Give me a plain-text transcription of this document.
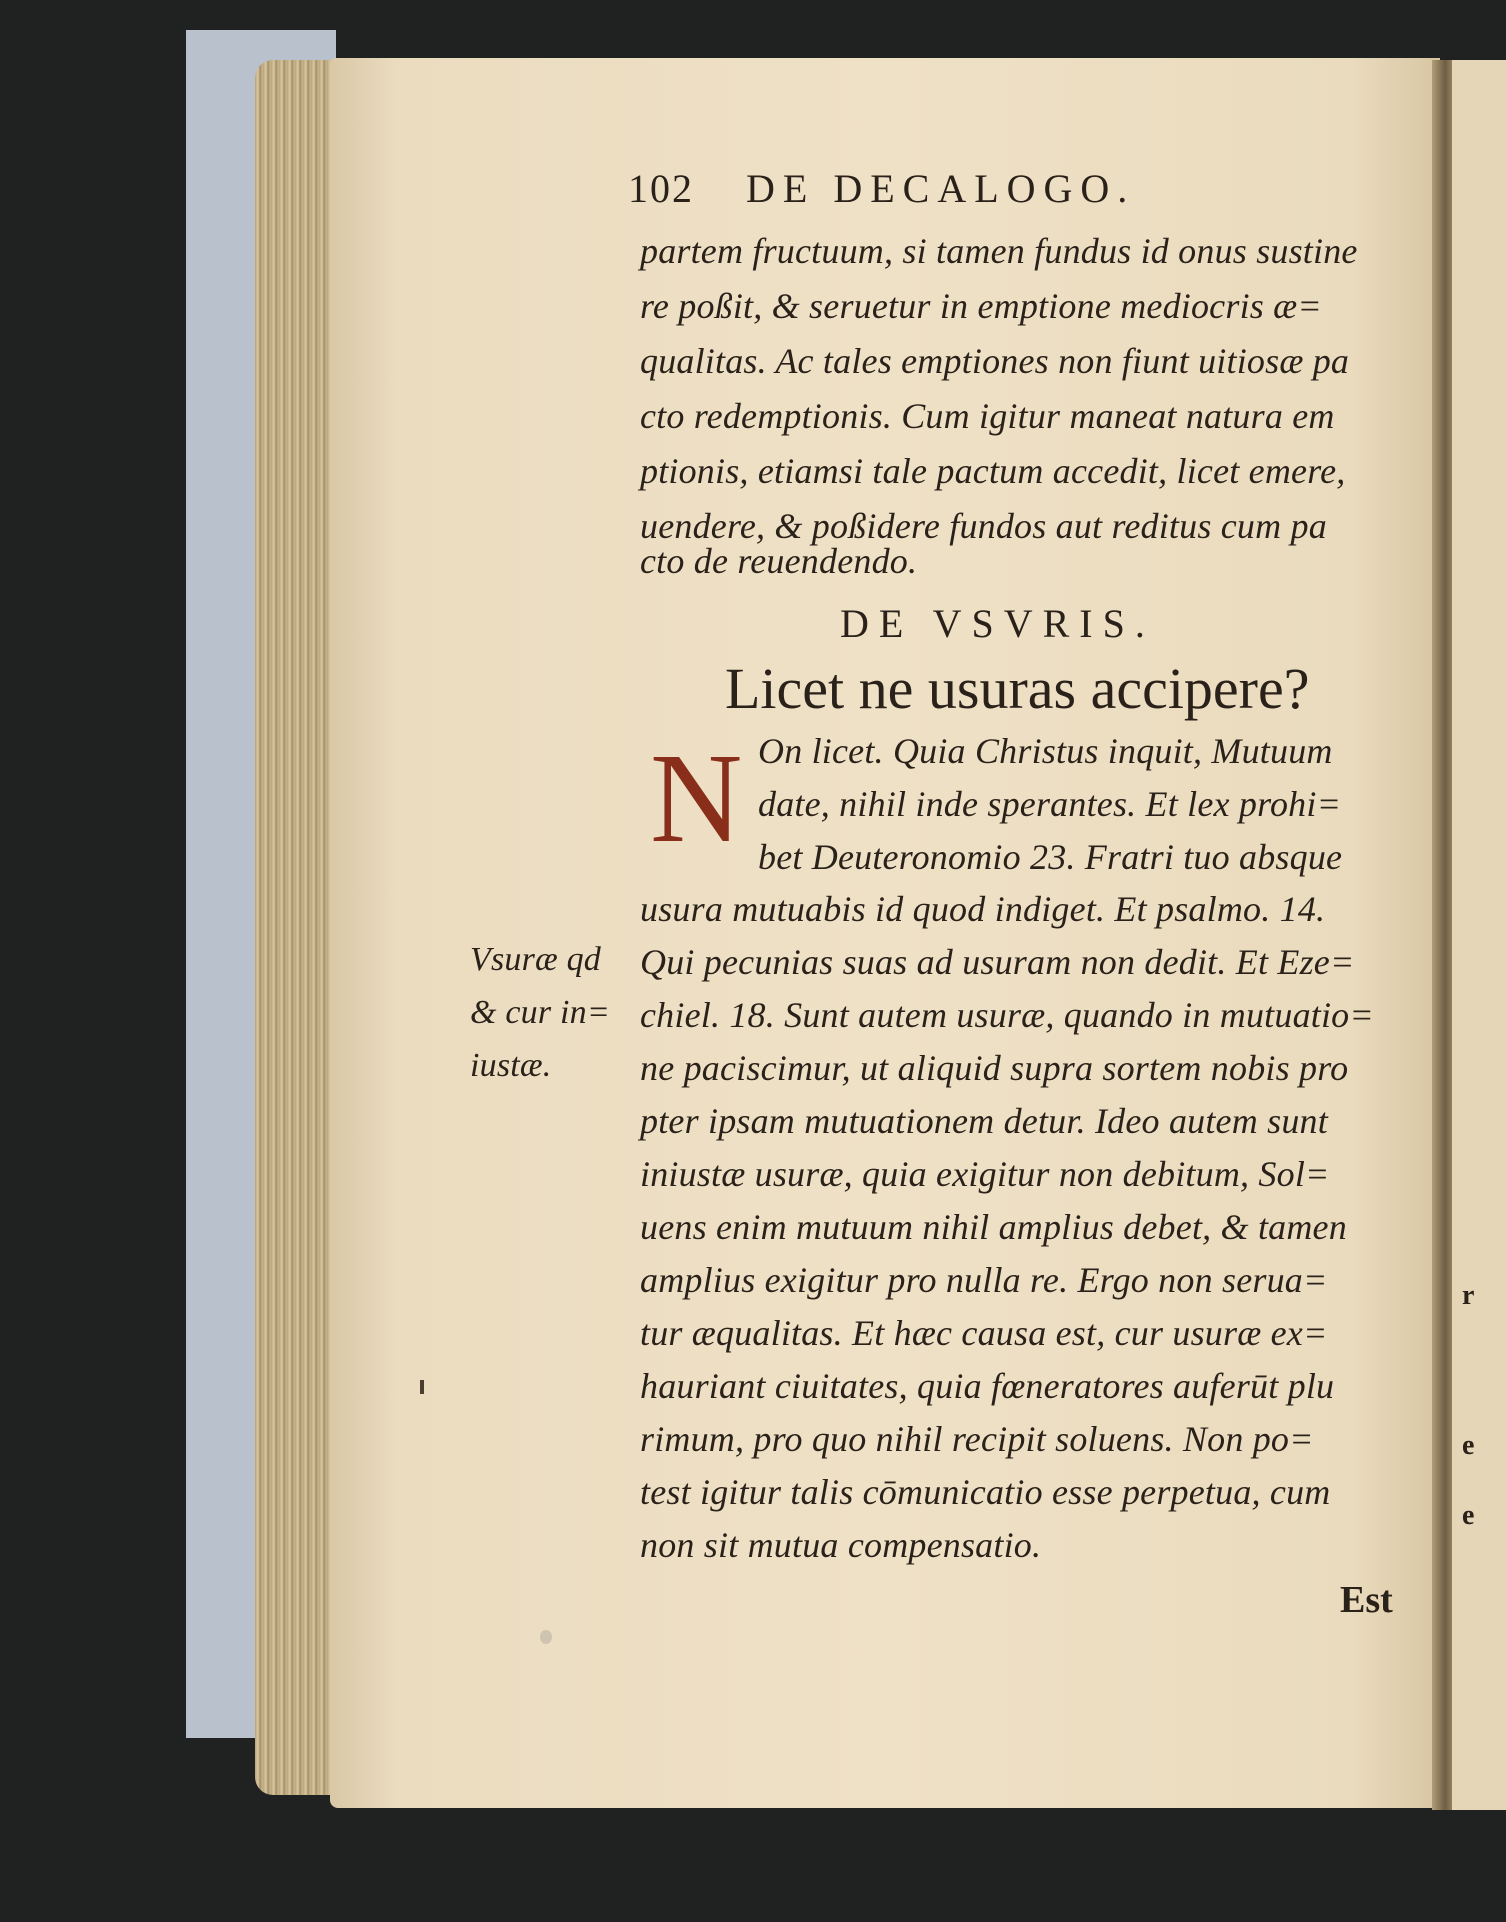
r
e
e
102 DE DECALOGO.
partem fructuum, si tamen fundus id onus sustine
re poßit, & seruetur in emptione mediocris æ=
qualitas. Ac tales emptiones non fiunt uitiosæ pa
cto redemptionis. Cum igitur maneat natura em
ptionis, etiamsi tale pactum accedit, licet emere,
uendere, & poßidere fundos aut reditus cum pa
cto de reuendendo.
DE VSVRIS.
Licet ne usuras accipere?
N On licet. Quia Christus inquit, Mutuum
date, nihil inde sperantes. Et lex prohi=
bet Deuteronomio 23. Fratri tuo absque
usura mutuabis id quod indiget. Et psalmo. 14.
Qui pecunias suas ad usuram non dedit. Et Eze=
chiel. 18. Sunt autem usuræ, quando in mutuatio=
ne paciscimur, ut aliquid supra sortem nobis pro
pter ipsam mutuationem detur. Ideo autem sunt
iniustæ usuræ, quia exigitur non debitum, Sol=
uens enim mutuum nihil amplius debet, & tamen
amplius exigitur pro nulla re. Ergo non serua=
tur æqualitas. Et hæc causa est, cur usuræ ex=
hauriant ciuitates, quia fœneratores auferūt plu
rimum, pro quo nihil recipit soluens. Non po=
test igitur talis cōmunicatio esse perpetua, cum
non sit mutua compensatio.
Vsuræ qd
& cur in=
iustæ.
Est
